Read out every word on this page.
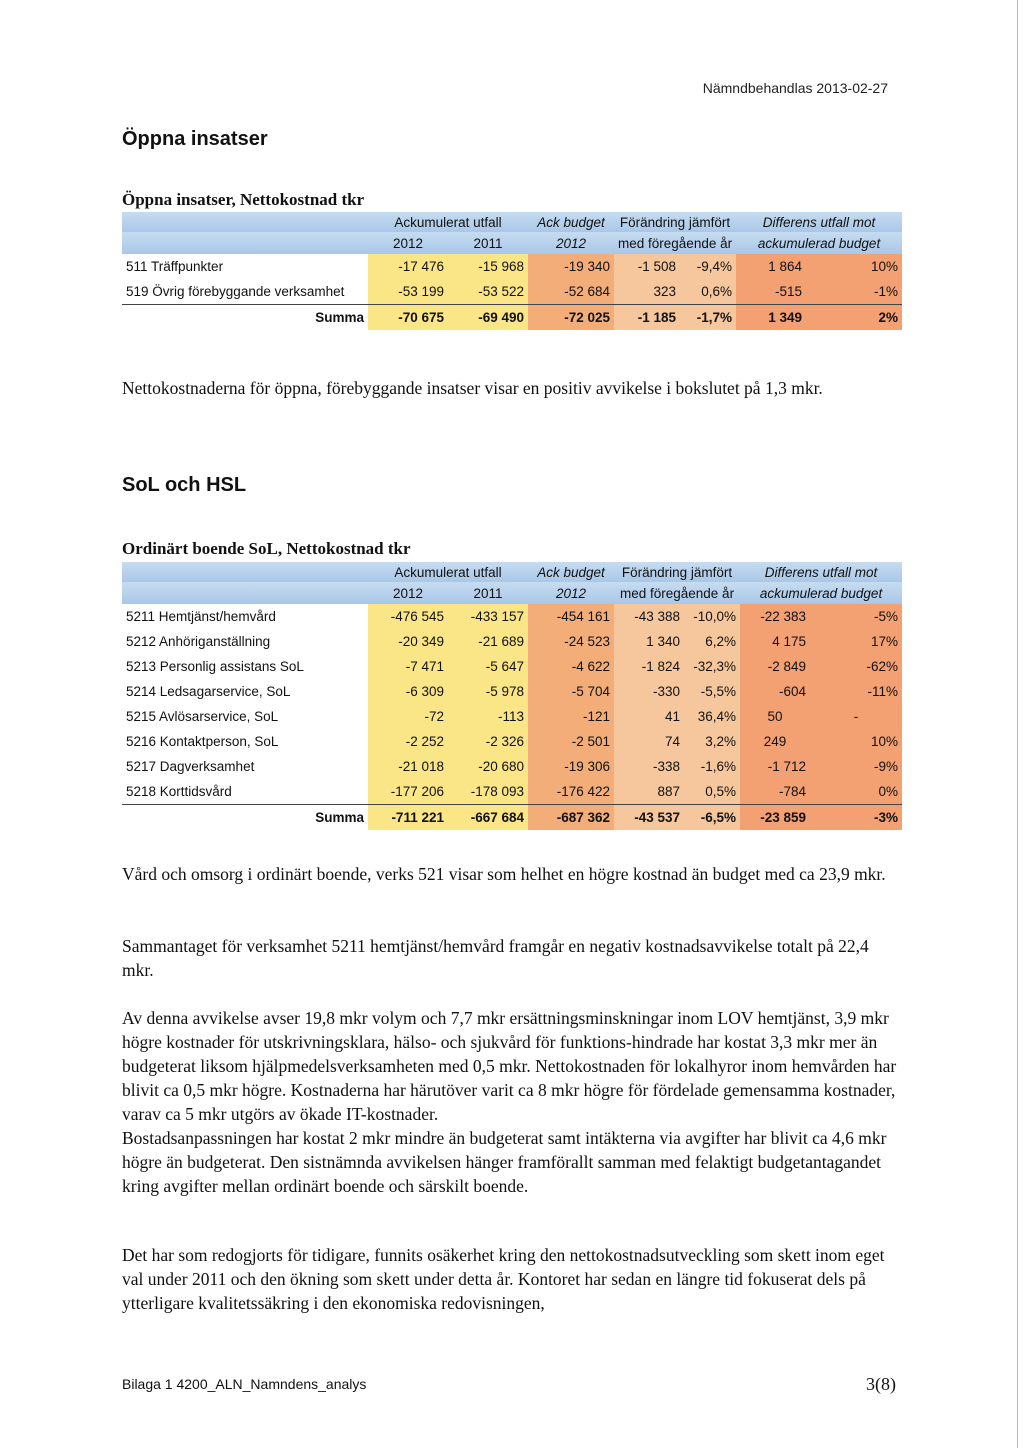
Nämndbehandlas 2013-02-27
Öppna insatser
Öppna insatser, Nettokostnad tkr
	Ackumulerat utfall		Ack budget	Förändring jämfört		Differens utfall mot	
	2012	2011	2012	med föregående år		ackumulerad budget	
511 Träffpunkter	-17 476	-15 968	-19 340	-1 508	-9,4%	1 864	10%
519 Övrig förebyggande verksamhet	-53 199	-53 522	-52 684	323	0,6%	-515	-1%
Summa	-70 675	-69 490	-72 025	-1 185	-1,7%	1 349	2%

Nettokostnaderna för öppna, förebyggande insatser visar en positiv avvikelse i bokslutet på 1,3 mkr.

SoL och HSL
Ordinärt boende SoL, Nettokostnad tkr
	Ackumulerat utfall		Ack budget	Förändring jämfört		Differens utfall mot	
	2012	2011	2012	med föregående år		ackumulerad budget	
5211 Hemtjänst/hemvård	-476 545	-433 157	-454 161	-43 388	-10,0%	-22 383	-5%
5212 Anhöriganställning	-20 349	-21 689	-24 523	1 340	6,2%	4 175	17%
5213 Personlig assistans SoL	-7 471	-5 647	-4 622	-1 824	-32,3%	-2 849	-62%
5214 Ledsagarservice, SoL	-6 309	-5 978	-5 704	-330	-5,5%	-604	-11%
5215 Avlösarservice, SoL	-72	-113	-121	41	36,4%	50	-
5216 Kontaktperson, SoL	-2 252	-2 326	-2 501	74	3,2%	249	10%
5217 Dagverksamhet	-21 018	-20 680	-19 306	-338	-1,6%	-1 712	-9%
5218 Korttidsvård	-177 206	-178 093	-176 422	887	0,5%	-784	0%
Summa	-711 221	-667 684	-687 362	-43 537	-6,5%	-23 859	-3%

Vård och omsorg i ordinärt boende, verks 521 visar som helhet en högre kostnad än budget med ca 23,9 mkr.

Sammantaget för verksamhet 5211 hemtjänst/hemvård framgår en negativ kostnadsavvikelse totalt på 22,4 mkr.

Av denna avvikelse avser 19,8 mkr volym och 7,7 mkr ersättningsminskningar inom LOV hemtjänst, 3,9 mkr högre kostnader för utskrivningsklara, hälso- och sjukvård för funktions-hindrade har kostat 3,3 mkr mer än budgeterat liksom hjälpmedelsverksamheten med 0,5 mkr. Nettokostnaden för lokalhyror inom hemvården har blivit ca 0,5 mkr högre. Kostnaderna har härutöver varit ca 8 mkr högre för fördelade gemensamma kostnader, varav ca 5 mkr utgörs av ökade IT-kostnader.

Bostadsanpassningen har kostat 2 mkr mindre än budgeterat samt intäkterna via avgifter har blivit ca 4,6 mkr högre än budgeterat. Den sistnämnda avvikelsen hänger framförallt samman med felaktigt budgetantagandet kring avgifter mellan ordinärt boende och särskilt boende.

Det har som redogjorts för tidigare, funnits osäkerhet kring den nettokostnadsutveckling som skett inom eget val under 2011 och den ökning som skett under detta år. Kontoret har sedan en längre tid fokuserat dels på ytterligare kvalitetssäkring i den ekonomiska redovisningen,

Bilaga 1 4200_ALN_Namndens_analys	3(8)
